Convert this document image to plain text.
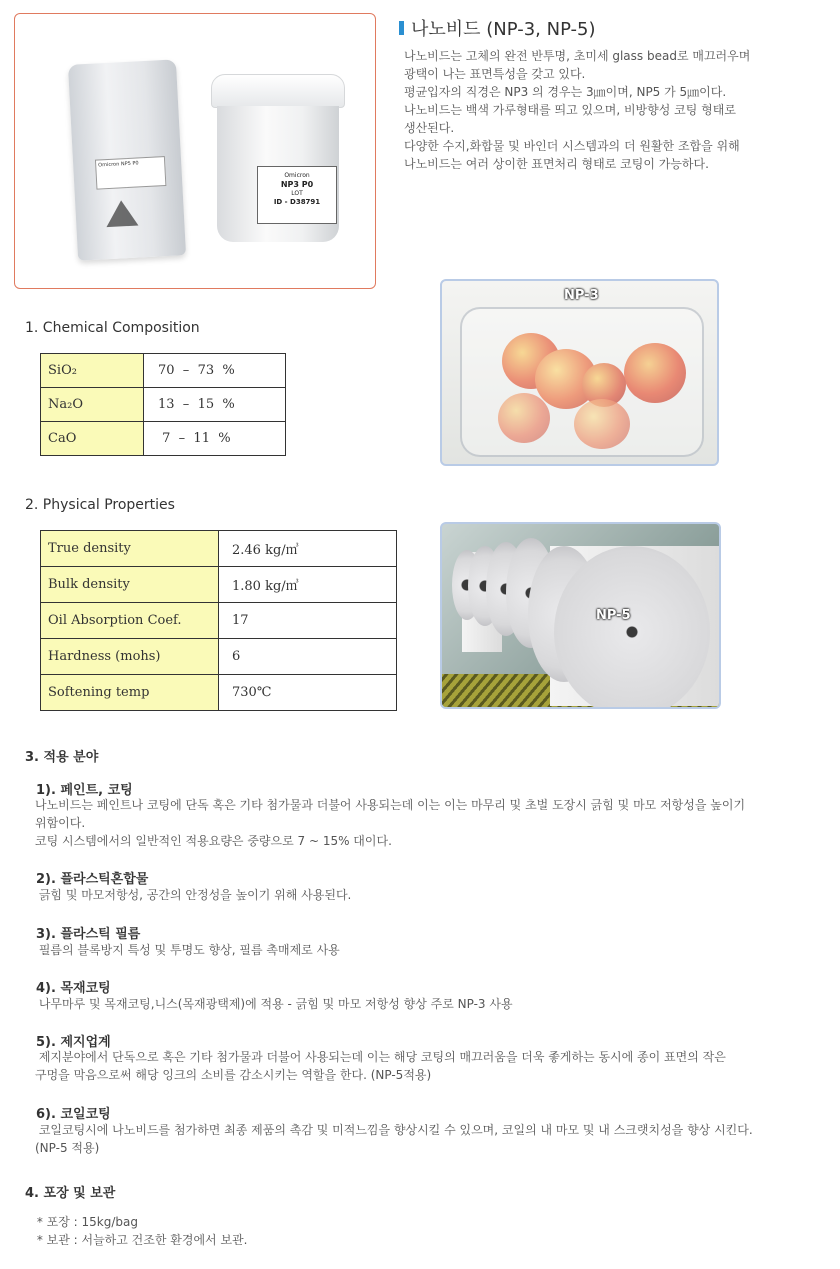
Omicron NP5 P0
Omicron
NP3 P0
LOT
ID - D38791
나노비드 (NP-3, NP-5)
나노비드는 고체의 완전 반투명, 초미세 glass bead로 매끄러우며
광택이 나는 표면특성을 갖고 있다.
평균입자의 직경은 NP3 의 경우는 3㎛이며, NP5 가 5㎛이다.
나노비드는 백색 가루형태를 띄고 있으며, 비방향성 코팅 형태로
생산된다.
다양한 수지,화합물 및 바인더 시스템과의 더 원활한 조합을 위해
나노비드는 여러 상이한 표면처리 형태로 코팅이 가능하다.
1. Chemical Composition
SiO₂	70  –  73  %
Na₂O	13  –  15  %
CaO	7  –  11  %
2. Physical Properties
True density	2.46 kg/㎥
Bulk density	1.80 kg/㎥
Oil Absorption Coef.	17
Hardness (mohs)	6
Softening temp	730℃
NP-3
NP-5
3. 적용 분야
1). 페인트, 코팅
나노비드는 페인트나 코팅에 단독 혹은 기타 첨가물과 더불어 사용되는데 이는 이는 마무리 및 초벌 도장시 긁힘 및 마모 저항성을 높이기
위함이다.
코팅 시스템에서의 일반적인 적용요량은 중량으로 7 ~ 15% 대이다.
2). 플라스틱혼합물
긁힘 및 마모저항성, 공간의 안정성을 높이기 위해 사용된다.
3). 플라스틱 필름
필름의 블록방지 특성 및 투명도 향상, 필름 촉매제로 사용
4). 목재코팅
나무마루 및 목재코팅,니스(목재광택제)에 적용 - 긁힘 및 마모 저항성 향상 주로 NP-3 사용
5). 제지업계
제지분야에서 단독으로 혹은 기타 첨가물과 더불어 사용되는데 이는 해당 코팅의 매끄러움을 더욱 좋게하는 동시에 종이 표면의 작은
구멍을 막음으로써 해당 잉크의 소비를 감소시키는 역할을 한다. (NP-5적용)
6). 코일코팅
코일코팅시에 나노비드를 첨가하면 최종 제품의 촉감 및 미적느낌을 향상시킬 수 있으며, 코일의 내 마모 및 내 스크랫치성을 향상 시킨다.
(NP-5 적용)
4. 포장 및 보관
* 포장 : 15kg/bag
* 보관 : 서늘하고 건조한 환경에서 보관.
